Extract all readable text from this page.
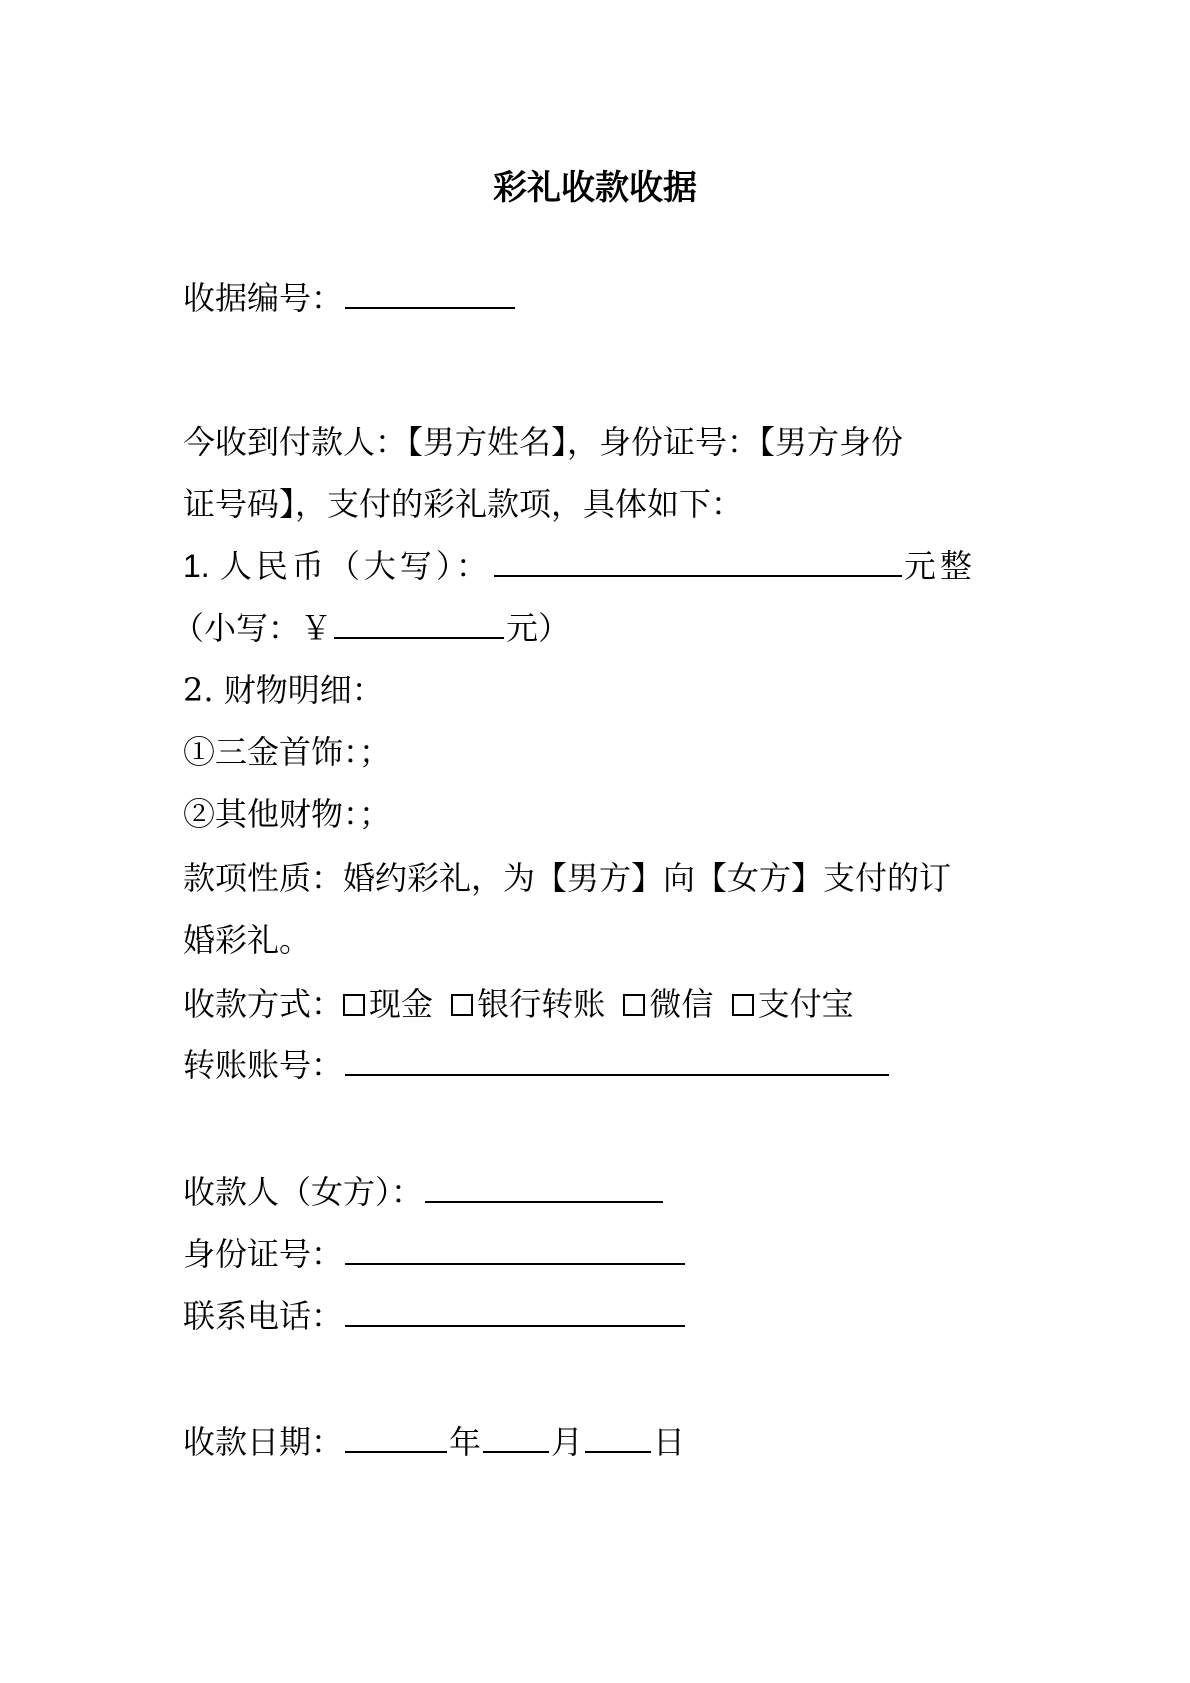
彩礼收款收据
收据编号：
今收到付款人：【男方姓名】，身份证号：【男方身份
证号码】，支付的彩礼款项，具体如下：
1. 人民币（大写）：	元整
（小写：￥	元）
2. 财物明细：
①三金首饰：；
②其他财物：；
款项性质：婚约彩礼，为【男方】向【女方】支付的订
婚彩礼。
收款方式： 现金 银行转账 微信 支付宝
转账账号：
收款人（女方）：
身份证号：
联系电话：
收款日期：	年 月 日
